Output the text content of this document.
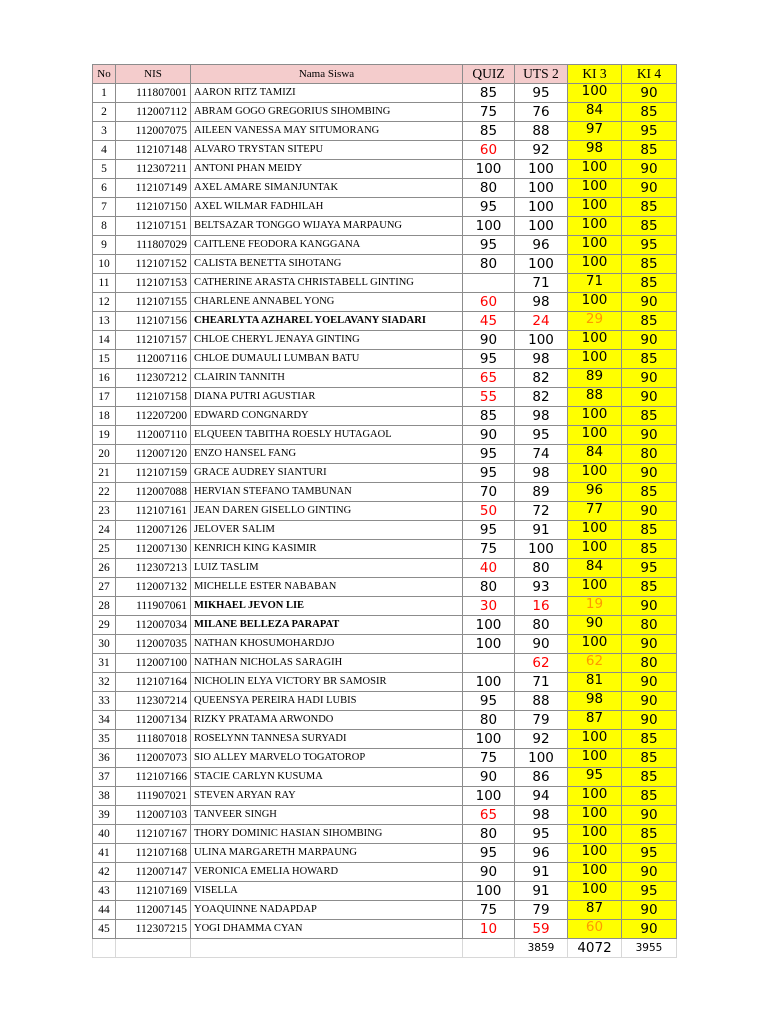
No	NIS	Nama Siswa	QUIZ	UTS 2	KI 3	KI 4
1	111807001	AARON RITZ TAMIZI	85	95	100	90
2	112007112	ABRAM GOGO GREGORIUS SIHOMBING	75	76	84	85
3	112007075	AILEEN VANESSA MAY SITUMORANG	85	88	97	95
4	112107148	ALVARO TRYSTAN SITEPU	60	92	98	85
5	112307211	ANTONI PHAN MEIDY	100	100	100	90
6	112107149	AXEL AMARE SIMANJUNTAK	80	100	100	90
7	112107150	AXEL WILMAR FADHILAH	95	100	100	85
8	112107151	BELTSAZAR TONGGO WIJAYA MARPAUNG	100	100	100	85
9	111807029	CAITLENE FEODORA KANGGANA	95	96	100	95
10	112107152	CALISTA BENETTA SIHOTANG	80	100	100	85
11	112107153	CATHERINE ARASTA CHRISTABELL GINTING		71	71	85
12	112107155	CHARLENE ANNABEL YONG	60	98	100	90
13	112107156	CHEARLYTA AZHAREL YOELAVANY SIADARI	45	24	29	85
14	112107157	CHLOE CHERYL JENAYA GINTING	90	100	100	90
15	112007116	CHLOE DUMAULI LUMBAN BATU	95	98	100	85
16	112307212	CLAIRIN TANNITH	65	82	89	90
17	112107158	DIANA PUTRI AGUSTIAR	55	82	88	90
18	112207200	EDWARD CONGNARDY	85	98	100	85
19	112007110	ELQUEEN TABITHA ROESLY HUTAGAOL	90	95	100	90
20	112007120	ENZO HANSEL FANG	95	74	84	80
21	112107159	GRACE AUDREY SIANTURI	95	98	100	90
22	112007088	HERVIAN STEFANO TAMBUNAN	70	89	96	85
23	112107161	JEAN DAREN GISELLO GINTING	50	72	77	90
24	112007126	JELOVER SALIM	95	91	100	85
25	112007130	KENRICH KING KASIMIR	75	100	100	85
26	112307213	LUIZ TASLIM	40	80	84	95
27	112007132	MICHELLE ESTER NABABAN	80	93	100	85
28	111907061	MIKHAEL JEVON LIE	30	16	19	90
29	112007034	MILANE BELLEZA PARAPAT	100	80	90	80
30	112007035	NATHAN KHOSUMOHARDJO	100	90	100	90
31	112007100	NATHAN NICHOLAS SARAGIH		62	62	80
32	112107164	NICHOLIN ELYA VICTORY BR SAMOSIR	100	71	81	90
33	112307214	QUEENSYA PEREIRA HADI LUBIS	95	88	98	90
34	112007134	RIZKY PRATAMA ARWONDO	80	79	87	90
35	111807018	ROSELYNN TANNESA SURYADI	100	92	100	85
36	112007073	SIO ALLEY MARVELO TOGATOROP	75	100	100	85
37	112107166	STACIE CARLYN KUSUMA	90	86	95	85
38	111907021	STEVEN ARYAN RAY	100	94	100	85
39	112007103	TANVEER SINGH	65	98	100	90
40	112107167	THORY DOMINIC HASIAN SIHOMBING	80	95	100	85
41	112107168	ULINA MARGARETH MARPAUNG	95	96	100	95
42	112007147	VERONICA EMELIA HOWARD	90	91	100	90
43	112107169	VISELLA	100	91	100	95
44	112007145	YOAQUINNE NADAPDAP	75	79	87	90
45	112307215	YOGI DHAMMA CYAN	10	59	60	90
				3859	4072	3955
